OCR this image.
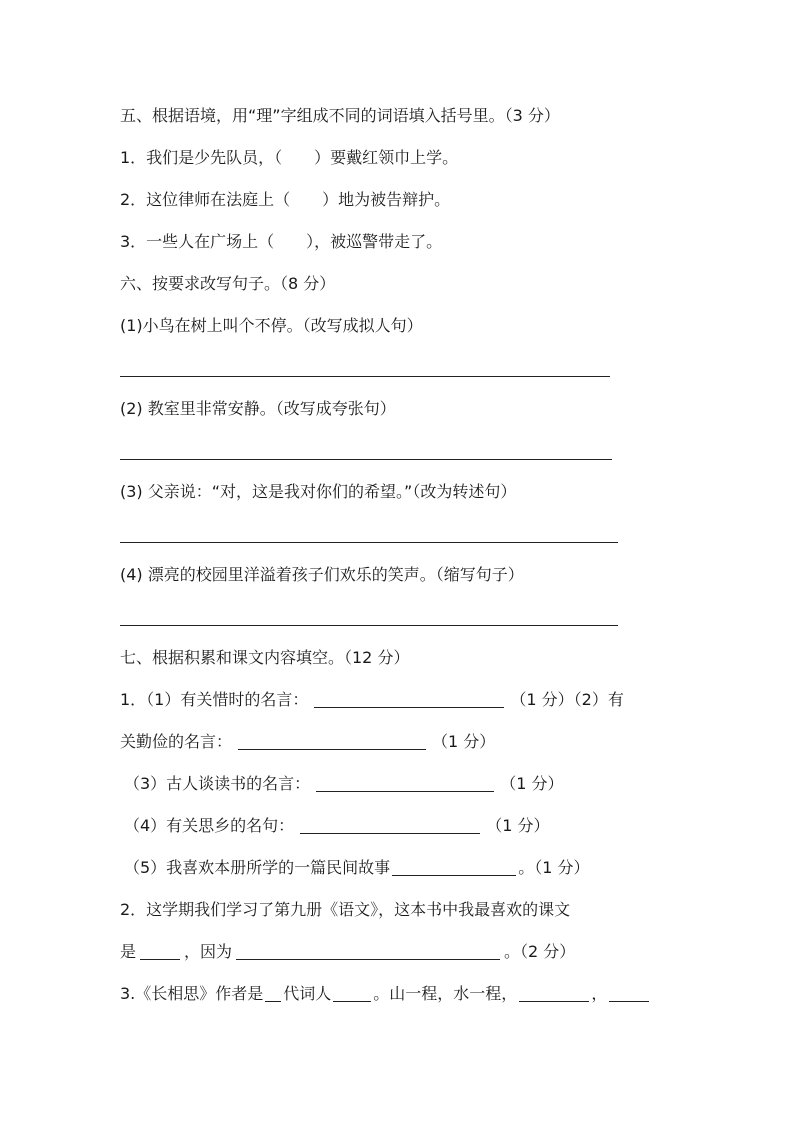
五、根据语境，用“理”字组成不同的词语填入括号里。（3 分）
1．我们是少先队员，（　　）要戴红领巾上学。
2．这位律师在法庭上（　　）地为被告辩护。
3．一些人在广场上（　　），被巡警带走了。
六、按要求改写句子。（8 分）
(1)小鸟在树上叫个不停。（改写成拟人句）
(2) 教室里非常安静。（改写成夸张句）
(3) 父亲说：“对，这是我对你们的希望。”（改为转述句）
(4) 漂亮的校园里洋溢着孩子们欢乐的笑声。（缩写句子）
七、根据积累和课文内容填空。（12 分）
1．（1）有关惜时的名言：	（1 分）（2）有
关勤俭的名言：	（1 分）
（3）古人谈读书的名言：	（1 分）
（4）有关思乡的名句：	（1 分）
（5）我喜欢本册所学的一篇民间故事	。（1 分）
2．这学期我们学习了第九册《语文》，这本书中我最喜欢的课文
是	，因为	。（2 分）
3.《长相思》作者是 代词人	。山一程，水一程，	，
